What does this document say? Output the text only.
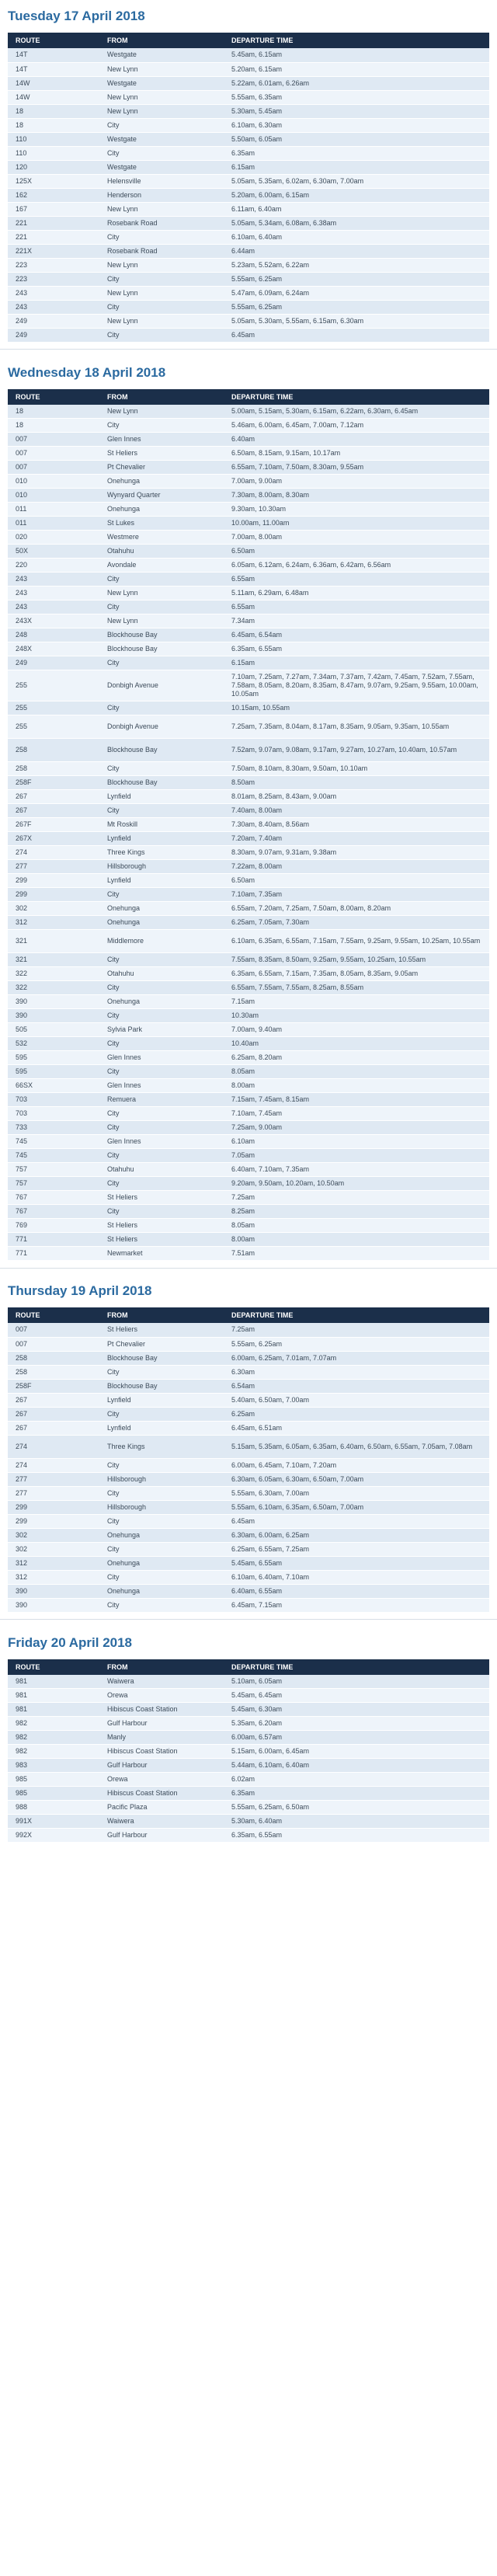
Tuesday 17 April 2018
ROUTE	FROM	DEPARTURE TIME
14T	Westgate	5.45am, 6.15am
14T	New Lynn	5.20am, 6.15am
14W	Westgate	5.22am, 6.01am, 6.26am
14W	New Lynn	5.55am, 6.35am
18	New Lynn	5.30am, 5.45am
18	City	6.10am, 6.30am
110	Westgate	5.50am, 6.05am
110	City	6.35am
120	Westgate	6.15am
125X	Helensville	5.05am, 5.35am, 6.02am, 6.30am, 7.00am
162	Henderson	5.20am, 6.00am, 6.15am
167	New Lynn	6.11am, 6.40am
221	Rosebank Road	5.05am, 5.34am, 6.08am, 6.38am
221	City	6.10am, 6.40am
221X	Rosebank Road	6.44am
223	New Lynn	5.23am, 5.52am, 6.22am
223	City	5.55am, 6.25am
243	New Lynn	5.47am, 6.09am, 6.24am
243	City	5.55am, 6.25am
249	New Lynn	5.05am, 5.30am, 5.55am, 6.15am, 6.30am
249	City	6.45am
Wednesday 18 April 2018
ROUTE	FROM	DEPARTURE TIME
18	New Lynn	5.00am, 5.15am, 5.30am, 6.15am, 6.22am, 6.30am, 6.45am
18	City	5.46am, 6.00am, 6.45am, 7.00am, 7.12am
007	Glen Innes	6.40am
007	St Heliers	6.50am, 8.15am, 9.15am, 10.17am
007	Pt Chevalier	6.55am, 7.10am, 7.50am, 8.30am, 9.55am
010	Onehunga	7.00am, 9.00am
010	Wynyard Quarter	7.30am, 8.00am, 8.30am
011	Onehunga	9.30am, 10.30am
011	St Lukes	10.00am, 11.00am
020	Westmere	7.00am, 8.00am
50X	Otahuhu	6.50am
220	Avondale	6.05am, 6.12am, 6.24am, 6.36am, 6.42am, 6.56am
243	City	6.55am
243	New Lynn	5.11am, 6.29am, 6.48am
243	City	6.55am
243X	New Lynn	7.34am
248	Blockhouse Bay	6.45am, 6.54am
248X	Blockhouse Bay	6.35am, 6.55am
249	City	6.15am
255	Donbigh Avenue	7.10am, 7.25am, 7.27am, 7.34am, 7.37am, 7.42am, 7.45am, 7.52am, 7.55am, 7.58am, 8.05am, 8.20am, 8.35am, 8.47am, 9.07am, 9.25am, 9.55am, 10.00am, 10.05am
255	City	10.15am, 10.55am
255	Donbigh Avenue	7.25am, 7.35am, 8.04am, 8.17am, 8.35am, 9.05am, 9.35am, 10.55am
258	Blockhouse Bay	7.52am, 9.07am, 9.08am, 9.17am, 9.27am, 10.27am, 10.40am, 10.57am
258	City	7.50am, 8.10am, 8.30am, 9.50am, 10.10am
258F	Blockhouse Bay	8.50am
267	Lynfield	8.01am, 8.25am, 8.43am, 9.00am
267	City	7.40am, 8.00am
267F	Mt Roskill	7.30am, 8.40am, 8.56am
267X	Lynfield	7.20am, 7.40am
274	Three Kings	8.30am, 9.07am, 9.31am, 9.38am
277	Hillsborough	7.22am, 8.00am
299	Lynfield	6.50am
299	City	7.10am, 7.35am
302	Onehunga	6.55am, 7.20am, 7.25am, 7.50am, 8.00am, 8.20am
312	Onehunga	6.25am, 7.05am, 7.30am
321	Middlemore	6.10am, 6.35am, 6.55am, 7.15am, 7.55am, 9.25am, 9.55am, 10.25am, 10.55am
321	City	7.55am, 8.35am, 8.50am, 9.25am, 9.55am, 10.25am, 10.55am
322	Otahuhu	6.35am, 6.55am, 7.15am, 7.35am, 8.05am, 8.35am, 9.05am
322	City	6.55am, 7.55am, 7.55am, 8.25am, 8.55am
390	Onehunga	7.15am
390	City	10.30am
505	Sylvia Park	7.00am, 9.40am
532	City	10.40am
595	Glen Innes	6.25am, 8.20am
595	City	8.05am
66SX	Glen Innes	8.00am
703	Remuera	7.15am, 7.45am, 8.15am
703	City	7.10am, 7.45am
733	City	7.25am, 9.00am
745	Glen Innes	6.10am
745	City	7.05am
757	Otahuhu	6.40am, 7.10am, 7.35am
757	City	9.20am, 9.50am, 10.20am, 10.50am
767	St Heliers	7.25am
767	City	8.25am
769	St Heliers	8.05am
771	St Heliers	8.00am
771	Newmarket	7.51am
Thursday 19 April 2018
ROUTE	FROM	DEPARTURE TIME
007	St Heliers	7.25am
007	Pt Chevalier	5.55am, 6.25am
258	Blockhouse Bay	6.00am, 6.25am, 7.01am, 7.07am
258	City	6.30am
258F	Blockhouse Bay	6.54am
267	Lynfield	5.40am, 6.50am, 7.00am
267	City	6.25am
267	Lynfield	6.45am, 6.51am
274	Three Kings	5.15am, 5.35am, 6.05am, 6.35am, 6.40am, 6.50am, 6.55am, 7.05am, 7.08am
274	City	6.00am, 6.45am, 7.10am, 7.20am
277	Hillsborough	6.30am, 6.05am, 6.30am, 6.50am, 7.00am
277	City	5.55am, 6.30am, 7.00am
299	Hillsborough	5.55am, 6.10am, 6.35am, 6.50am, 7.00am
299	City	6.45am
302	Onehunga	6.30am, 6.00am, 6.25am
302	City	6.25am, 6.55am, 7.25am
312	Onehunga	5.45am, 6.55am
312	City	6.10am, 6.40am, 7.10am
390	Onehunga	6.40am, 6.55am
390	City	6.45am, 7.15am
Friday 20 April 2018
ROUTE	FROM	DEPARTURE TIME
981	Waiwera	5.10am, 6.05am
981	Orewa	5.45am, 6.45am
981	Hibiscus Coast Station	5.45am, 6.30am
982	Gulf Harbour	5.35am, 6.20am
982	Manly	6.00am, 6.57am
982	Hibiscus Coast Station	5.15am, 6.00am, 6.45am
983	Gulf Harbour	5.44am, 6.10am, 6.40am
985	Orewa	6.02am
985	Hibiscus Coast Station	6.35am
988	Pacific Plaza	5.55am, 6.25am, 6.50am
991X	Waiwera	5.30am, 6.40am
992X	Gulf Harbour	6.35am, 6.55am
